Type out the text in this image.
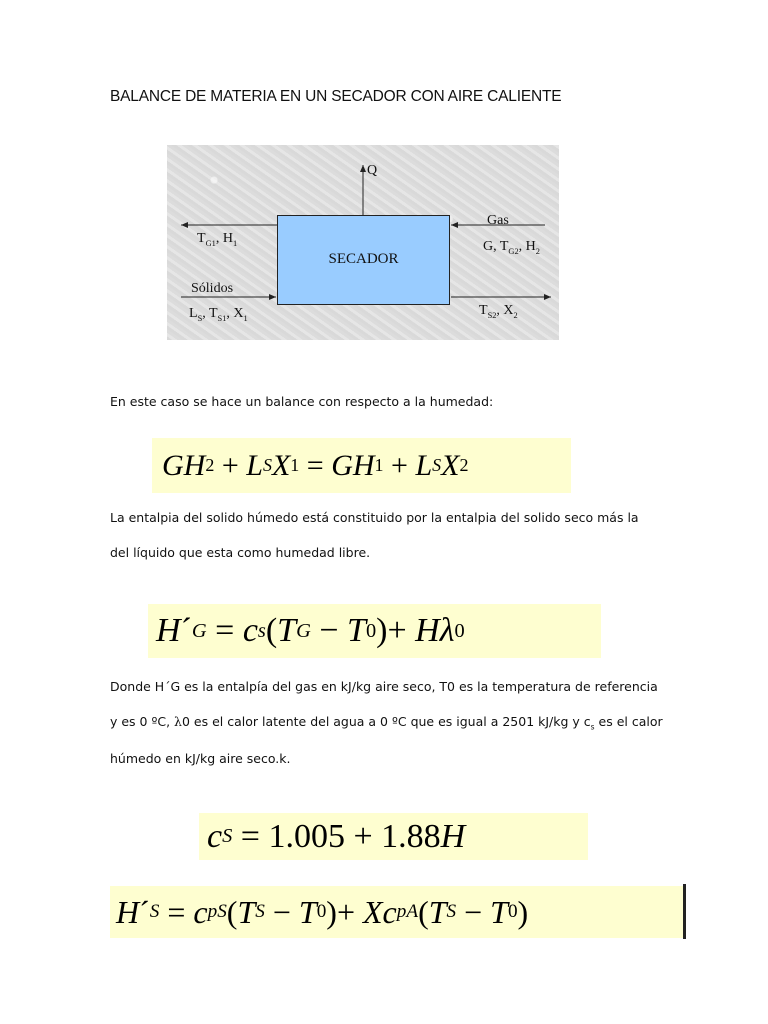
BALANCE DE MATERIA EN UN SECADOR CON AIRE CALIENTE
SECADOR
Q
$T_{G1}$, $H_1$
Gas
G, $T_{G2}$, $H_2$
Sólidos
$L_S$, $T_{S1}$, $X_1$
$T_{S2}$, $X_2$
En este caso se hace un balance con respecto a la humedad:
GH 2 + L S X 1 = GH 1 + L S X 2
La entalpia del solido húmedo está constituido por la entalpia del solido seco más la
del líquido que esta como humedad libre.
H ´ G = c s ( T G − T 0 )+ H λ 0
Donde H´G es la entalpía del gas en kJ/kg aire seco, T0 es la temperatura de referencia
y es 0 ºC, λ0 es el calor latente del agua a 0 ºC que es igual a 2501 kJ/kg y $c_s$ es el calor
húmedo en kJ/kg aire seco.k.
c S = 1.005 + 1.88 H
H ´ S = c pS ( T S − T 0 )+ Xc pA ( T S − T 0 )
